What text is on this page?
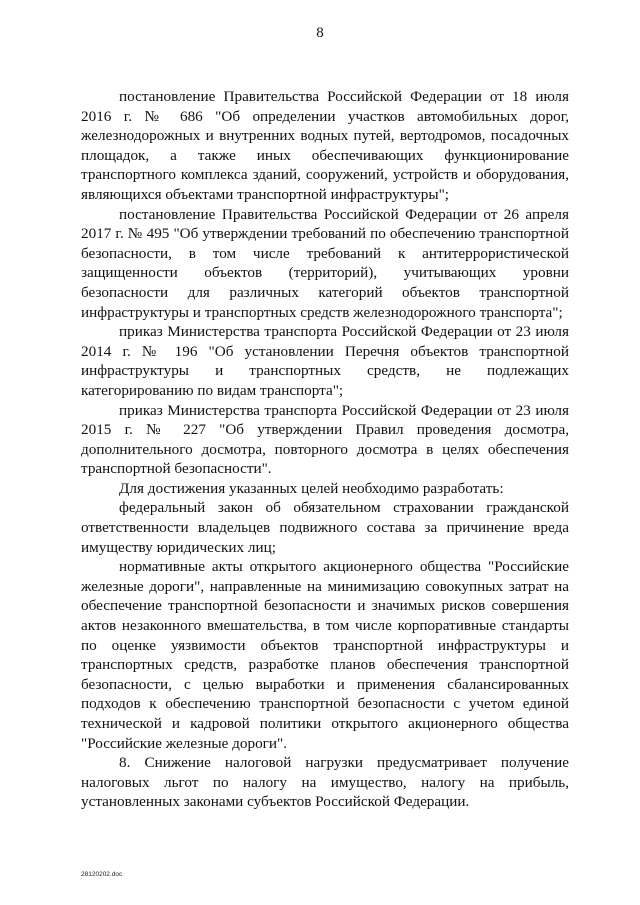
8

постановление Правительства Российской Федерации от 18 июля 2016 г. № 686 "Об определении участков автомобильных дорог, железнодорожных и внутренних водных путей, вертодромов, посадочных площадок, а также иных обеспечивающих функционирование транспортного комплекса зданий, сооружений, устройств и оборудования, являющихся объектами транспортной инфраструктуры";

постановление Правительства Российской Федерации от 26 апреля 2017 г. № 495 "Об утверждении требований по обеспечению транспортной безопасности, в том числе требований к антитеррористической защищенности объектов (территорий), учитывающих уровни безопасности для различных категорий объектов транспортной инфраструктуры и транспортных средств железнодорожного транспорта";

приказ Министерства транспорта Российской Федерации от 23 июля 2014 г. № 196 "Об установлении Перечня объектов транспортной инфраструктуры и транспортных средств, не подлежащих категорированию по видам транспорта";

приказ Министерства транспорта Российской Федерации от 23 июля 2015 г. № 227 "Об утверждении Правил проведения досмотра, дополнительного досмотра, повторного досмотра в целях обеспечения транспортной безопасности".

Для достижения указанных целей необходимо разработать:

федеральный закон об обязательном страховании гражданской ответственности владельцев подвижного состава за причинение вреда имуществу юридических лиц;

нормативные акты открытого акционерного общества "Российские железные дороги", направленные на минимизацию совокупных затрат на обеспечение транспортной безопасности и значимых рисков совершения актов незаконного вмешательства, в том числе корпоративные стандарты по оценке уязвимости объектов транспортной инфраструктуры и транспортных средств, разработке планов обеспечения транспортной безопасности, с целью выработки и применения сбалансированных подходов к обеспечению транспортной безопасности с учетом единой технической и кадровой политики открытого акционерного общества "Российские железные дороги".

8. Снижение налоговой нагрузки предусматривает получение налоговых льгот по налогу на имущество, налогу на прибыль, установленных законами субъектов Российской Федерации.

28120202.doc
